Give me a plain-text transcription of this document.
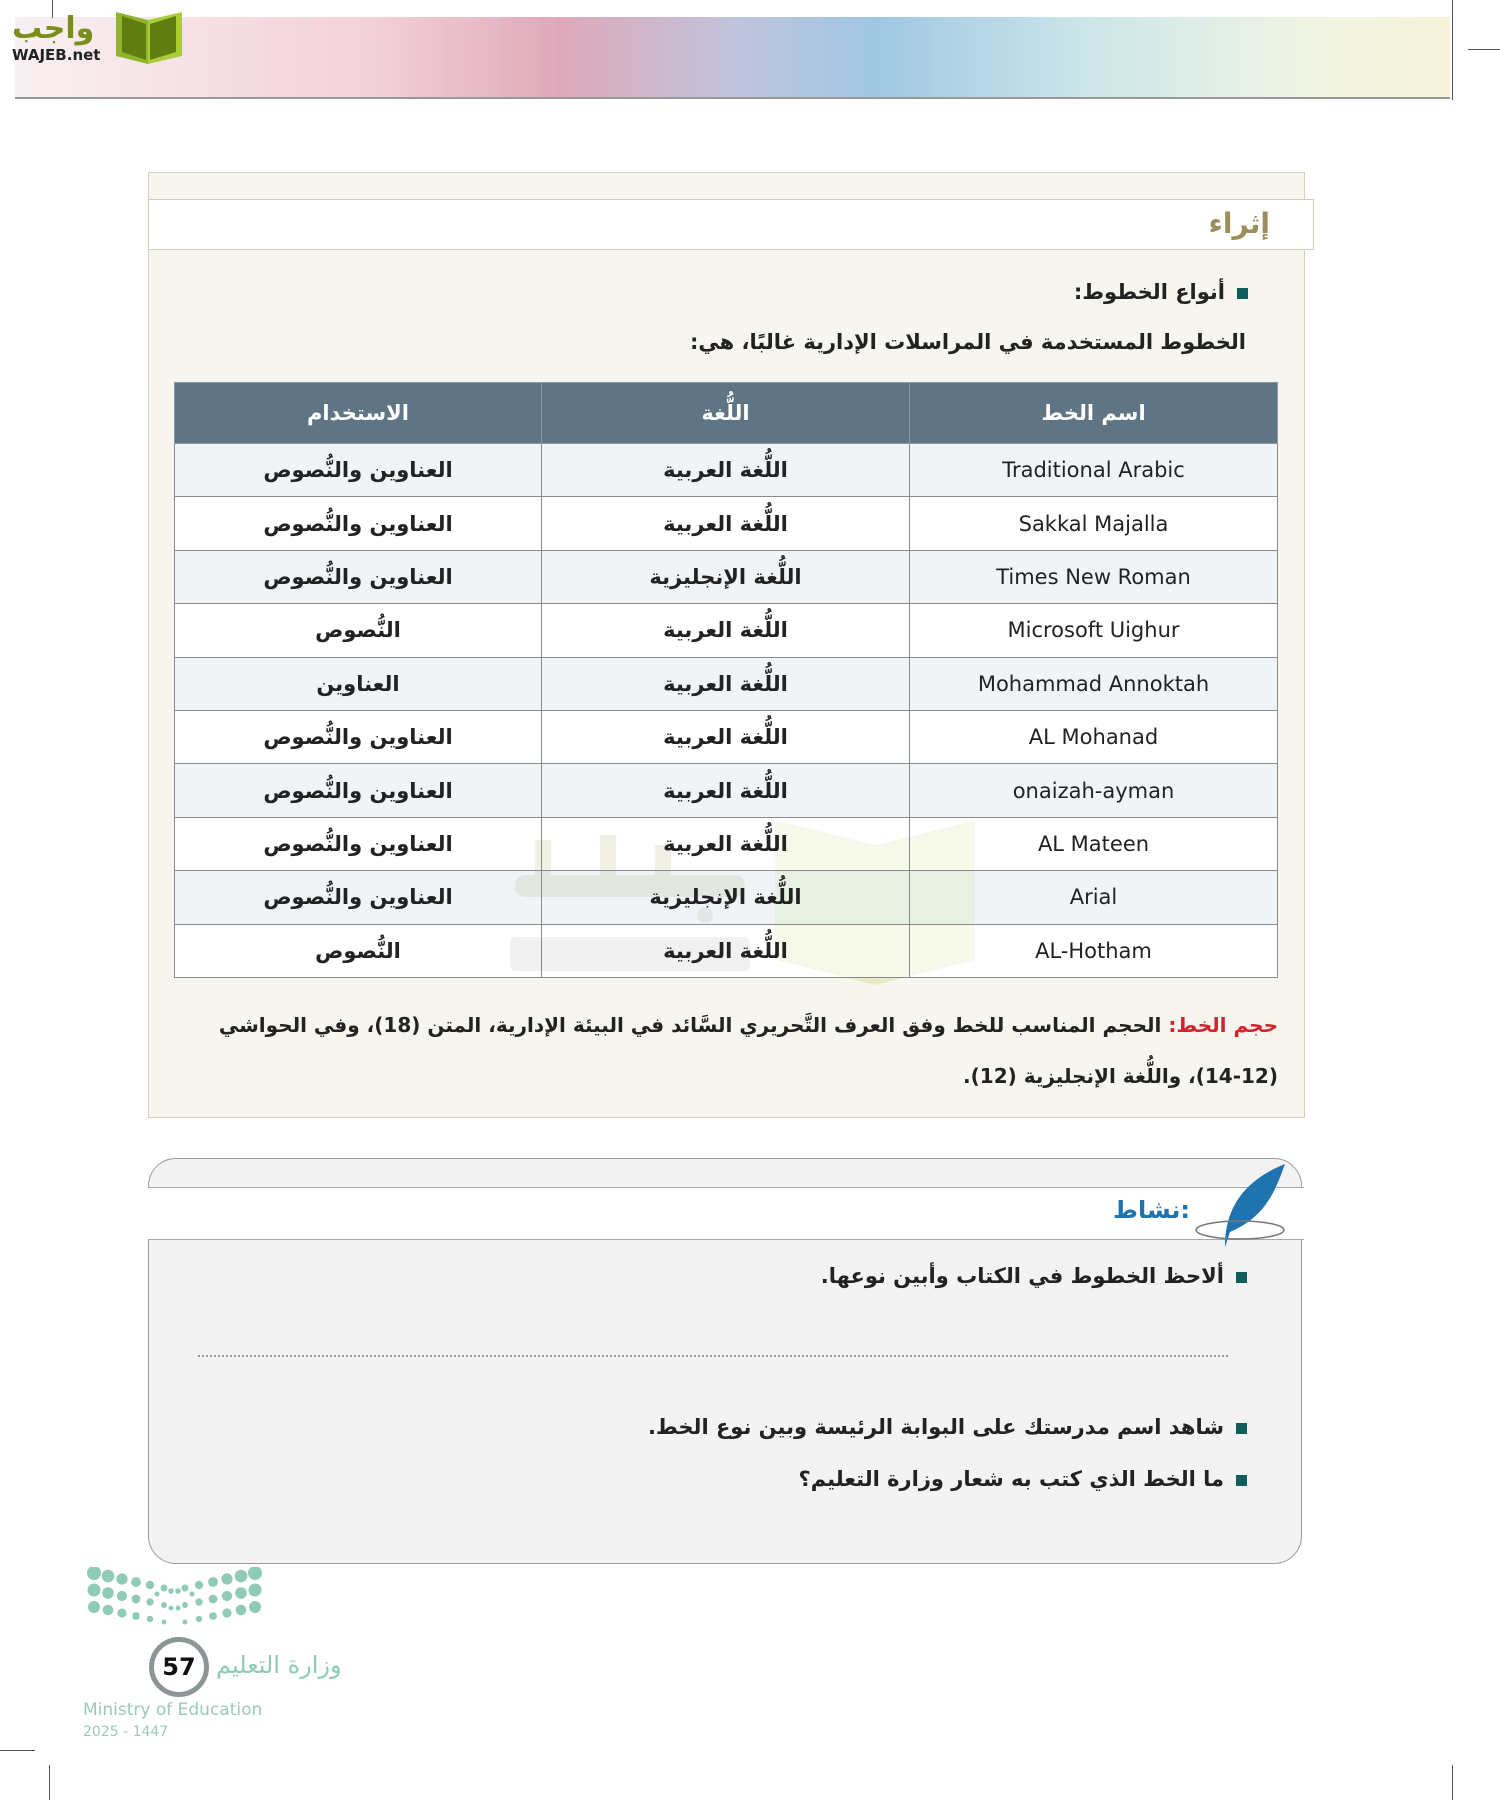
واجب
WAJEB.net
إثراء
أنواع الخطوط:
الخطوط المستخدمة في المراسلات الإدارية غالبًا، هي:
اسم الخط	اللُّغة	الاستخدام
Traditional Arabic	اللُّغة العربية	العناوين والنُّصوص
Sakkal Majalla	اللُّغة العربية	العناوين والنُّصوص
Times New Roman	اللُّغة الإنجليزية	العناوين والنُّصوص
Microsoft Uighur	اللُّغة العربية	النُّصوص
Mohammad Annoktah	اللُّغة العربية	العناوين
AL Mohanad	اللُّغة العربية	العناوين والنُّصوص
onaizah-ayman	اللُّغة العربية	العناوين والنُّصوص
AL Mateen	اللُّغة العربية	العناوين والنُّصوص
Arial	اللُّغة الإنجليزية	العناوين والنُّصوص
AL-Hotham	اللُّغة العربية	النُّصوص
حجم الخط: الحجم المناسب للخط وفق العرف التَّحريري السَّائد في البيئة الإدارية، المتن (18)، وفي الحواشي (12-14)، واللُّغة الإنجليزية (12).
نشاط:
ألاحظ الخطوط في الكتاب وأبين نوعها.
شاهد اسم مدرستك على البوابة الرئيسة وبين نوع الخط.
ما الخط الذي كتب به شعار وزارة التعليم؟
57 وزارة التعليم
Ministry of Education
2025 - 1447
